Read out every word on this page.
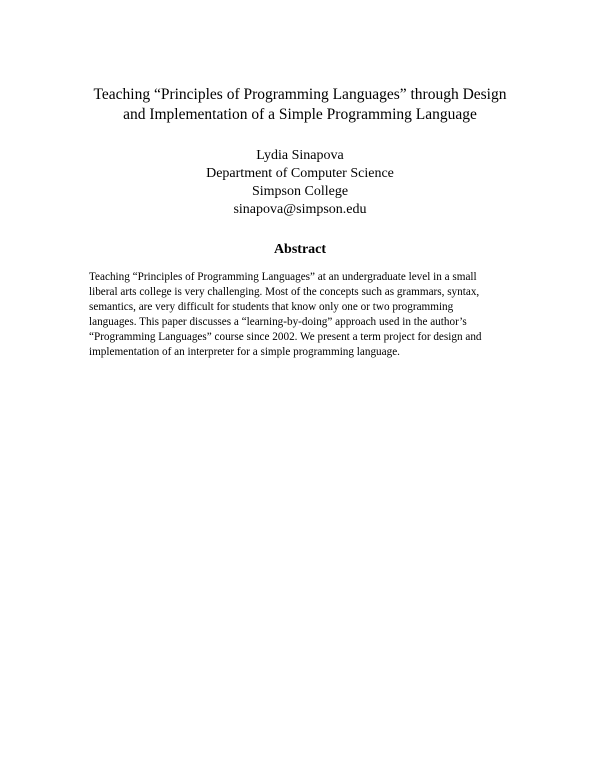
Teaching “Principles of Programming Languages” through Design
and Implementation of a Simple Programming Language
Lydia Sinapova
Department of Computer Science
Simpson College
sinapova@simpson.edu
Abstract
Teaching “Principles of Programming Languages” at an undergraduate level in a small
liberal arts college is very challenging. Most of the concepts such as grammars, syntax,
semantics, are very difficult for students that know only one or two programming
languages. This paper discusses a “learning-by-doing” approach used in the author’s
“Programming Languages” course since 2002. We present a term project for design and
implementation of an interpreter for a simple programming language.
